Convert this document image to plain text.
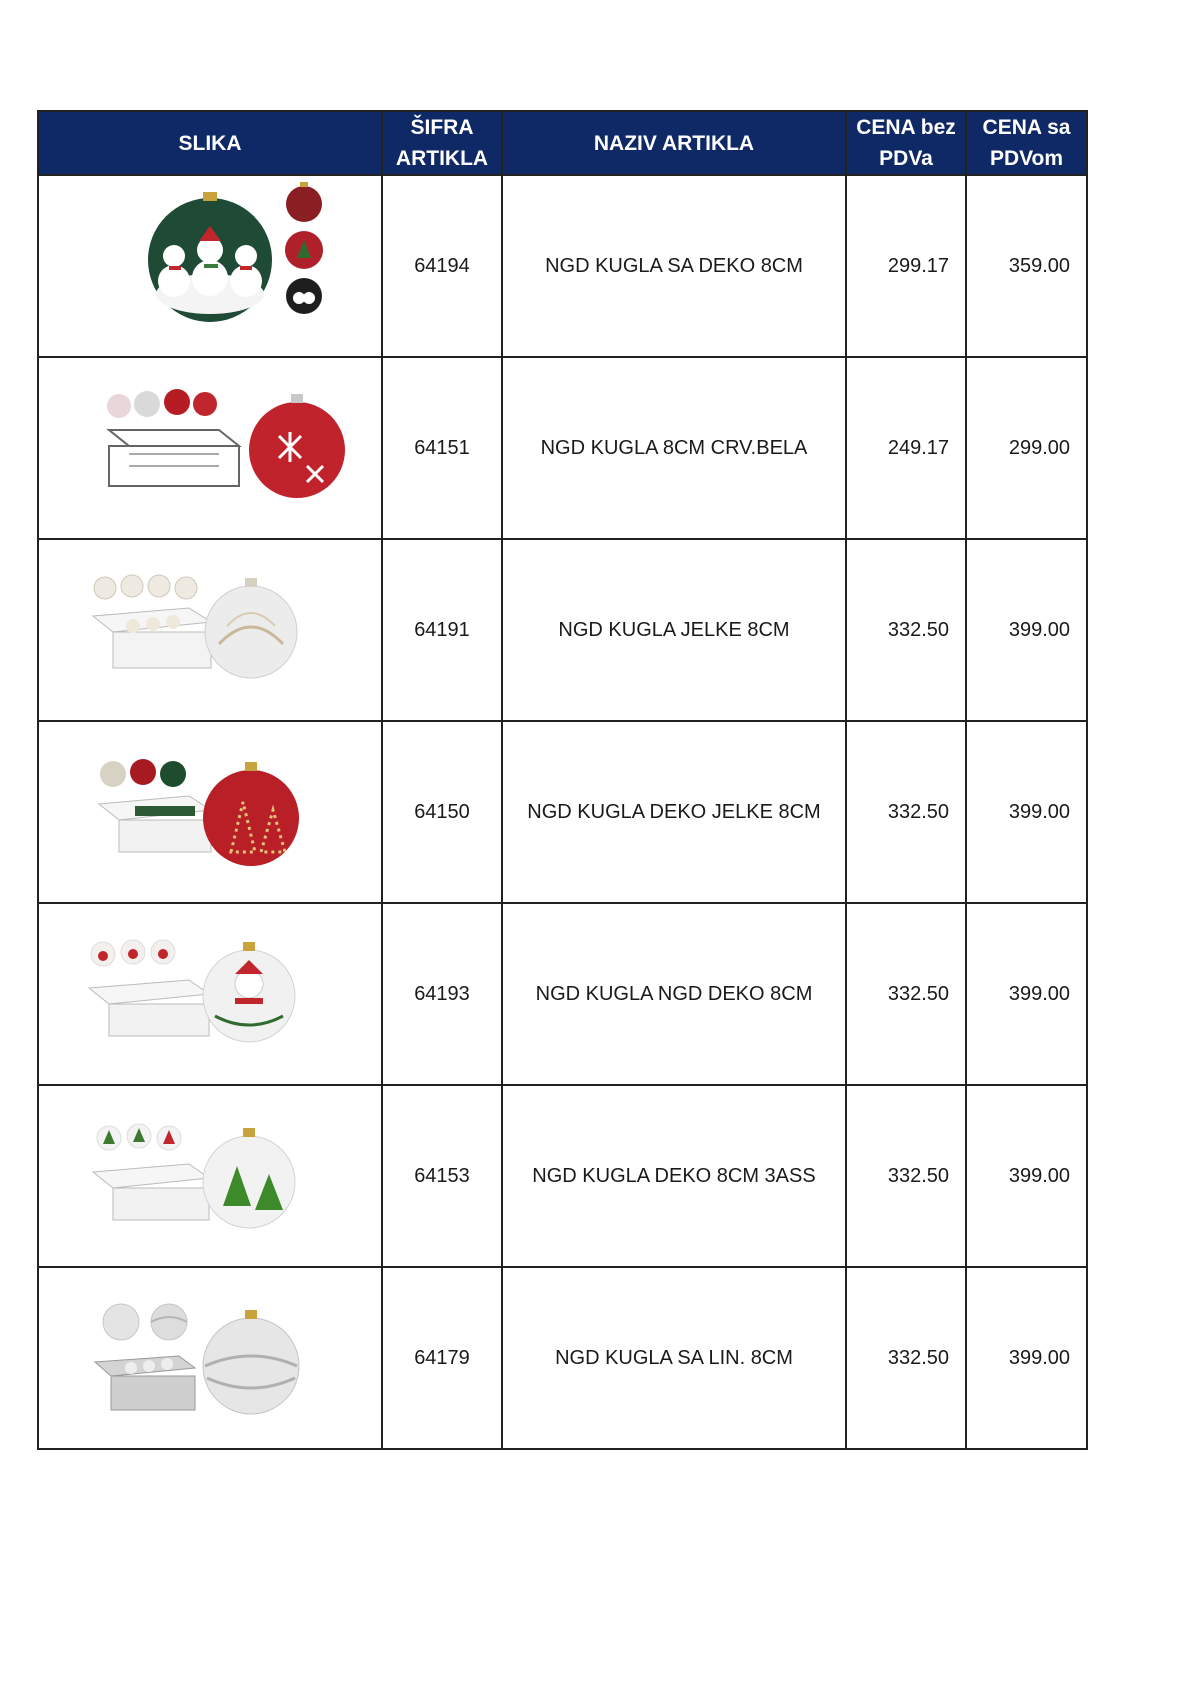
SLIKA	ŠIFRA ARTIKLA	NAZIV ARTIKLA	CENA bez PDVa	CENA sa PDVom

	64194	NGD KUGLA SA DEKO 8CM	299.17	359.00

	64151	NGD KUGLA 8CM CRV.BELA	249.17	299.00

	64191	NGD KUGLA JELKE 8CM	332.50	399.00

	64150	NGD KUGLA DEKO JELKE 8CM	332.50	399.00

	64193	NGD KUGLA NGD DEKO 8CM	332.50	399.00

	64153	NGD KUGLA DEKO 8CM 3ASS	332.50	399.00

	64179	NGD KUGLA SA LIN. 8CM	332.50	399.00
